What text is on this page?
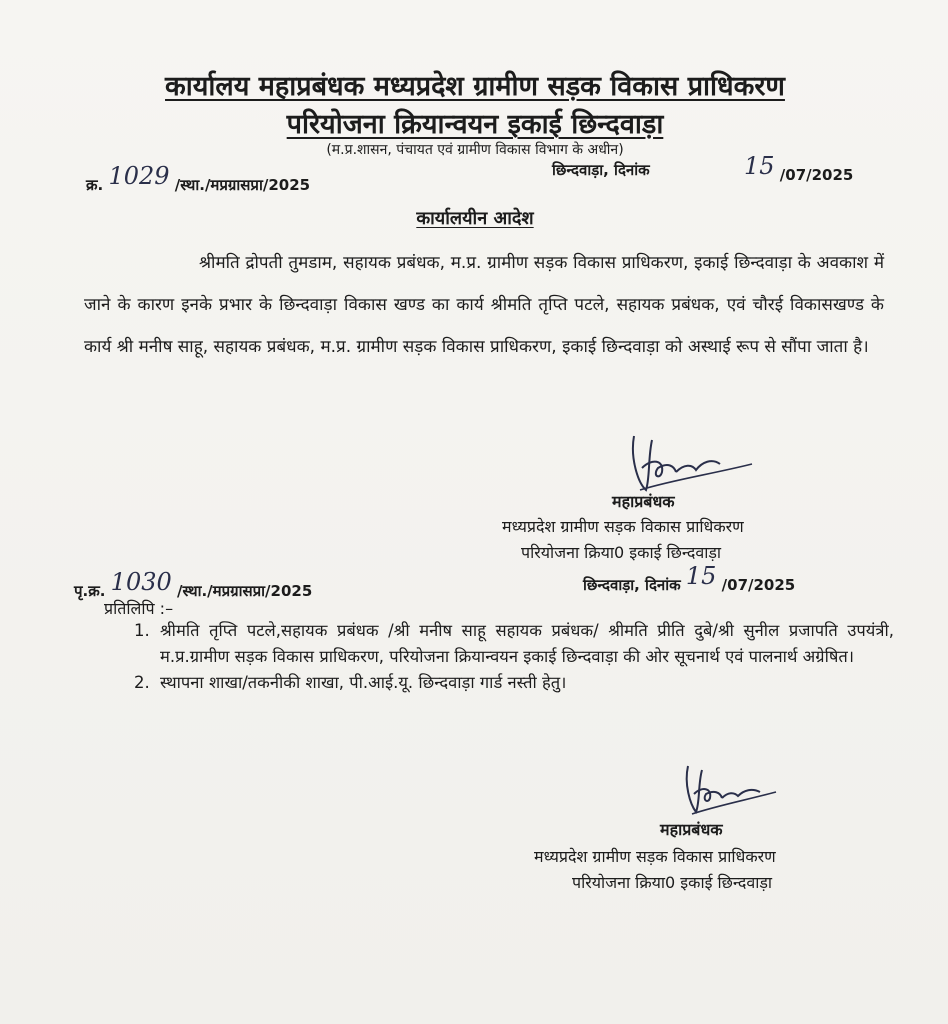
कार्यालय महाप्रबंधक मध्यप्रदेश ग्रामीण सड़क विकास प्राधिकरण
परियोजना क्रियान्वयन इकाई छिन्दवाड़ा
(म.प्र.शासन, पंचायत एवं ग्रामीण विकास विभाग के अधीन)
क्र. 1029 /स्था./मप्रग्रासप्रा/2025
छिन्दवाड़ा, दिनांक	15 /07/2025
कार्यालयीन आदेश
श्रीमति द्रोपती तुमडाम, सहायक प्रबंधक, म.प्र. ग्रामीण सड़क विकास प्राधिकरण, इकाई छिन्दवाड़ा के अवकाश में जाने के कारण इनके प्रभार के छिन्दवाड़ा विकास खण्ड का कार्य श्रीमति तृप्ति पटले, सहायक प्रबंधक, एवं चौरई विकासखण्ड के कार्य श्री मनीष साहू, सहायक प्रबंधक, म.प्र. ग्रामीण सड़क विकास प्राधिकरण, इकाई छिन्दवाड़ा को अस्थाई रूप से सौंपा जाता है।
महाप्रबंधक
मध्यप्रदेश ग्रामीण सड़क विकास प्राधिकरण
परियोजना क्रिया0 इकाई छिन्दवाड़ा
पृ.क्र. 1030 /स्था./मप्रग्रासप्रा/2025	छिन्दवाड़ा, दिनांक 15 /07/2025
प्रतिलिपि :–
1. श्रीमति तृप्ति पटले,सहायक प्रबंधक /श्री मनीष साहू सहायक प्रबंधक/ श्रीमति प्रीति दुबे/श्री सुनील प्रजापति उपयंत्री, म.प्र.ग्रामीण सड़क विकास प्राधिकरण, परियोजना क्रियान्वयन इकाई छिन्दवाड़ा की ओर सूचनार्थ एवं पालनार्थ अग्रेषित।
2. स्थापना शाखा/तकनीकी शाखा, पी.आई.यू. छिन्दवाड़ा गार्ड नस्ती हेतु।
महाप्रबंधक
मध्यप्रदेश ग्रामीण सड़क विकास प्राधिकरण
परियोजना क्रिया0 इकाई छिन्दवाड़ा
